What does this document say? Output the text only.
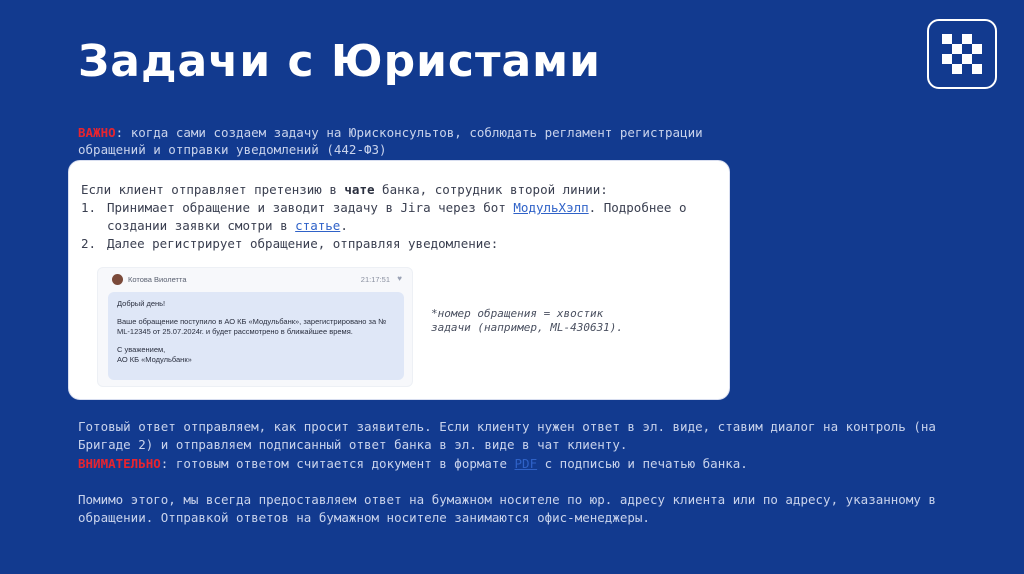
Задачи с Юристами
ВАЖНО: когда сами создаем задачу на Юрисконсультов, соблюдать регламент регистрации обращений и отправки уведомлений (442-ФЗ)
Если клиент отправляет претензию в чате банка, сотрудник второй линии:
1. Принимает обращение и заводит задачу в Jira через бот МодульХэлп. Подробнее о создании заявки смотри в статье.
2. Далее регистрирует обращение, отправляя уведомление:
Котова Виолетта	21:17:51 ♥

Добрый день!

Ваше обращение поступило в АО КБ «Модульбанк», зарегистрировано за № ML-12345 от 25.07.2024г. и будет рассмотрено в ближайшее время.

С уважением,

АО КБ «Модульбанк»

*номер обращения = хвостик задачи (например, ML-430631).
Готовый ответ отправляем, как просит заявитель. Если клиенту нужен ответ в эл. виде, ставим диалог на контроль (на Бригаде 2) и отправляем подписанный ответ банка в эл. виде в чат клиенту.
ВНИМАТЕЛЬНО: готовым ответом считается документ в формате PDF с подписью и печатью банка.
Помимо этого, мы всегда предоставляем ответ на бумажном носителе по юр. адресу клиента или по адресу, указанному в обращении. Отправкой ответов на бумажном носителе занимаются офис-менеджеры.
